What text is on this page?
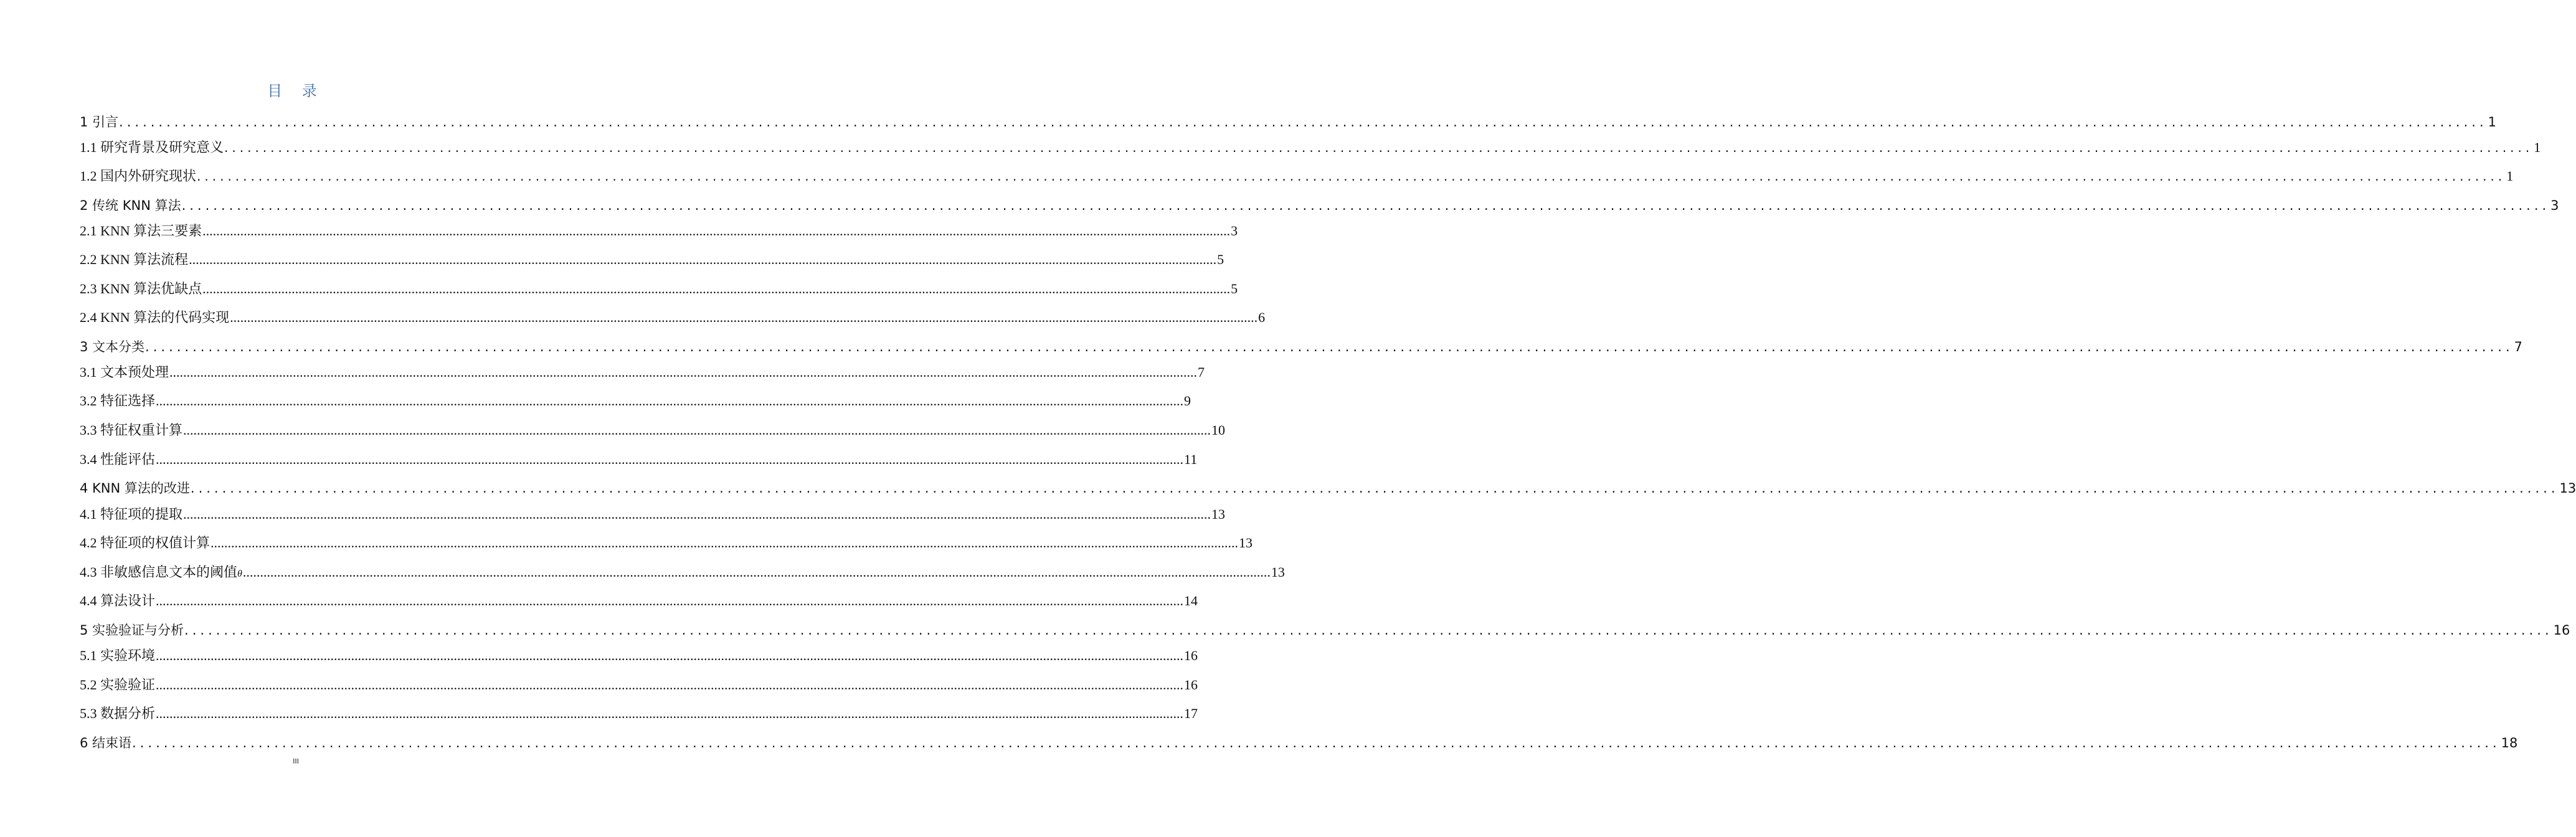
目 录
1 引言 ............................................................................................................................................................................................................................................................................................................ 1
1.1 研究背景及研究意义 ............................................................................................................................................................................................................................................................................................................ 1
1.2 国内外研究现状 ............................................................................................................................................................................................................................................................................................................ 1
2 传统 KNN 算法 ............................................................................................................................................................................................................................................................................................................ 3
2.1 KNN 算法三要素 ............................................................................................................................................................................................................................................................................................................ 3
2.2 KNN 算法流程 ............................................................................................................................................................................................................................................................................................................ 5
2.3 KNN 算法优缺点 ............................................................................................................................................................................................................................................................................................................ 5
2.4 KNN 算法的代码实现 ............................................................................................................................................................................................................................................................................................................ 6
3 文本分类 ............................................................................................................................................................................................................................................................................................................ 7
3.1 文本预处理 ............................................................................................................................................................................................................................................................................................................ 7
3.2 特征选择 ............................................................................................................................................................................................................................................................................................................ 9
3.3 特征权重计算 ............................................................................................................................................................................................................................................................................................................ 10
3.4 性能评估 ............................................................................................................................................................................................................................................................................................................ 11
4 KNN 算法的改进 ............................................................................................................................................................................................................................................................................................................ 13
4.1 特征项的提取 ............................................................................................................................................................................................................................................................................................................ 13
4.2 特征项的权值计算 ............................................................................................................................................................................................................................................................................................................ 13
4.3 非敏感信息文本的阈值 θ ............................................................................................................................................................................................................................................................................................................ 13
4.4 算法设计 ............................................................................................................................................................................................................................................................................................................ 14
5 实验验证与分析 ............................................................................................................................................................................................................................................................................................................ 16
5.1 实验环境 ............................................................................................................................................................................................................................................................................................................ 16
5.2 实验验证 ............................................................................................................................................................................................................................................................................................................ 16
5.3 数据分析 ............................................................................................................................................................................................................................................................................................................ 17
6 结束语 ............................................................................................................................................................................................................................................................................................................ 18
III
